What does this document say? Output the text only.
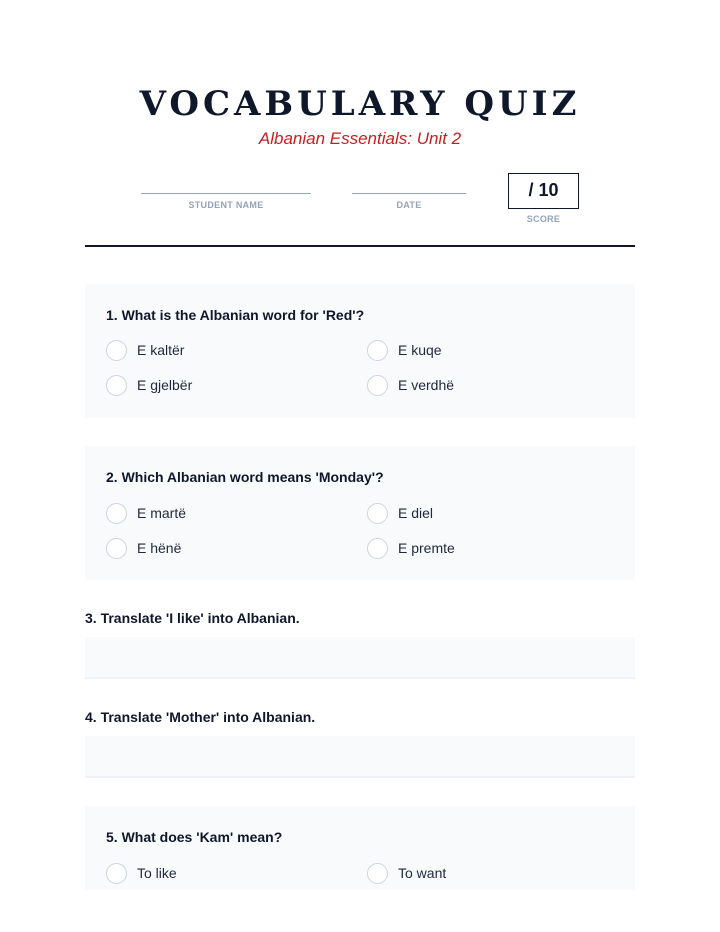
VOCABULARY QUIZ
Albanian Essentials: Unit 2
STUDENT NAME	DATE
/ 10
SCORE
1. What is the Albanian word for 'Red'?
E kaltër	E kuqe
E gjelbër	E verdhë
2. Which Albanian word means 'Monday'?
E martë	E diel
E hënë	E premte
3. Translate 'I like' into Albanian.
4. Translate 'Mother' into Albanian.
5. What does 'Kam' mean?
To like	To want
